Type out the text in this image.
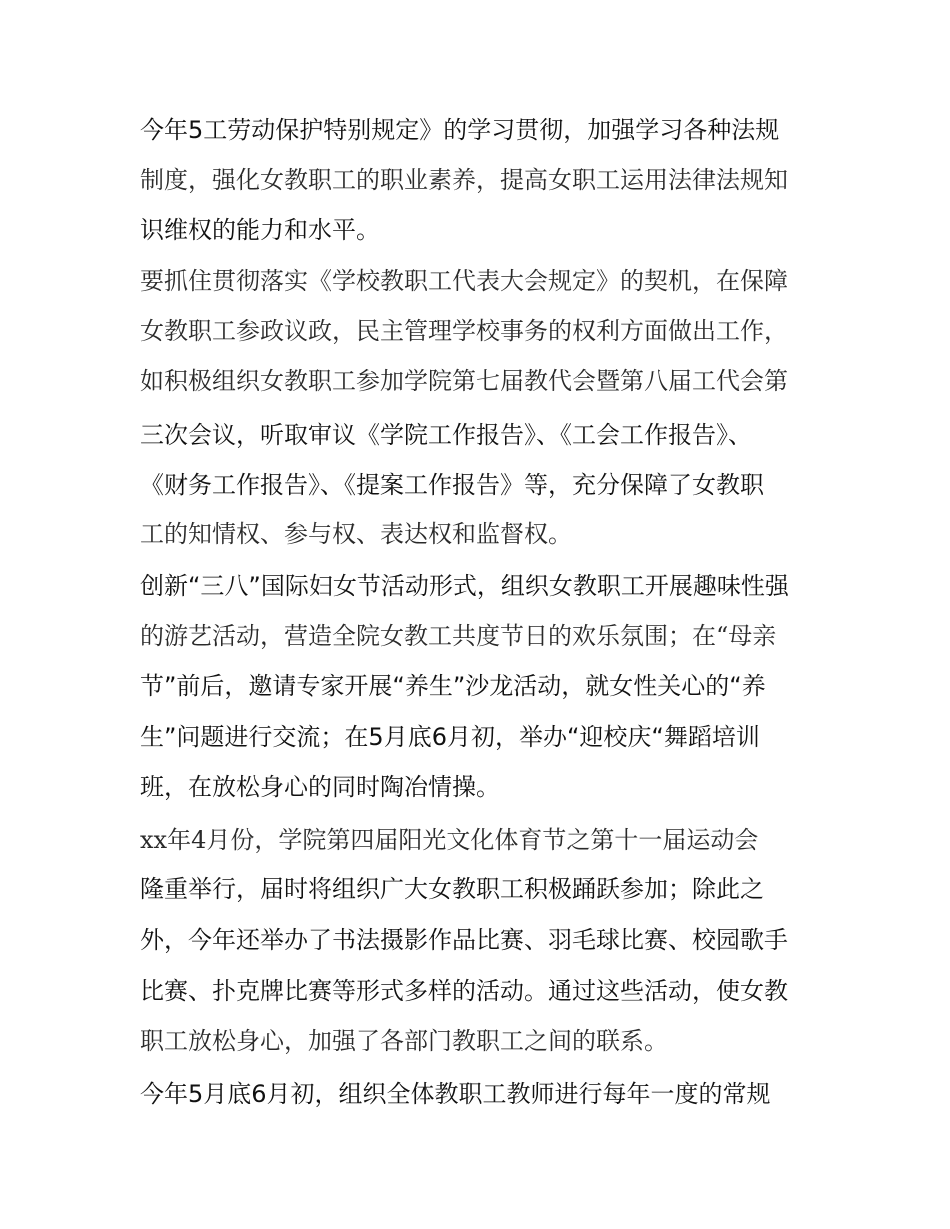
今年5工劳动保护特别规定》的学习贯彻，加强学习各种法规

制度，强化女教职工的职业素养，提高女职工运用法律法规知

识维权的能力和水平。

要抓住贯彻落实《学校教职工代表大会规定》的契机，在保障

女教职工参政议政，民主管理学校事务的权利方面做出工作，

如积极组织女教职工参加学院第七届教代会暨第八届工代会第

三次会议，听取审议《学院工作报告》、《工会工作报告》、

《财务工作报告》、《提案工作报告》等，充分保障了女教职

工的知情权、参与权、表达权和监督权。

创新“三八”国际妇女节活动形式，组织女教职工开展趣味性强

的游艺活动，营造全院女教工共度节日的欢乐氛围；在“母亲

节”前后，邀请专家开展“养生”沙龙活动，就女性关心的“养

生”问题进行交流；在5月底6月初，举办“迎校庆“舞蹈培训

班，在放松身心的同时陶冶情操。

xx年4月份，学院第四届阳光文化体育节之第十一届运动会

隆重举行，届时将组织广大女教职工积极踊跃参加；除此之

外，今年还举办了书法摄影作品比赛、羽毛球比赛、校园歌手

比赛、扑克牌比赛等形式多样的活动。通过这些活动，使女教

职工放松身心，加强了各部门教职工之间的联系。

今年5月底6月初，组织全体教职工教师进行每年一度的常规
